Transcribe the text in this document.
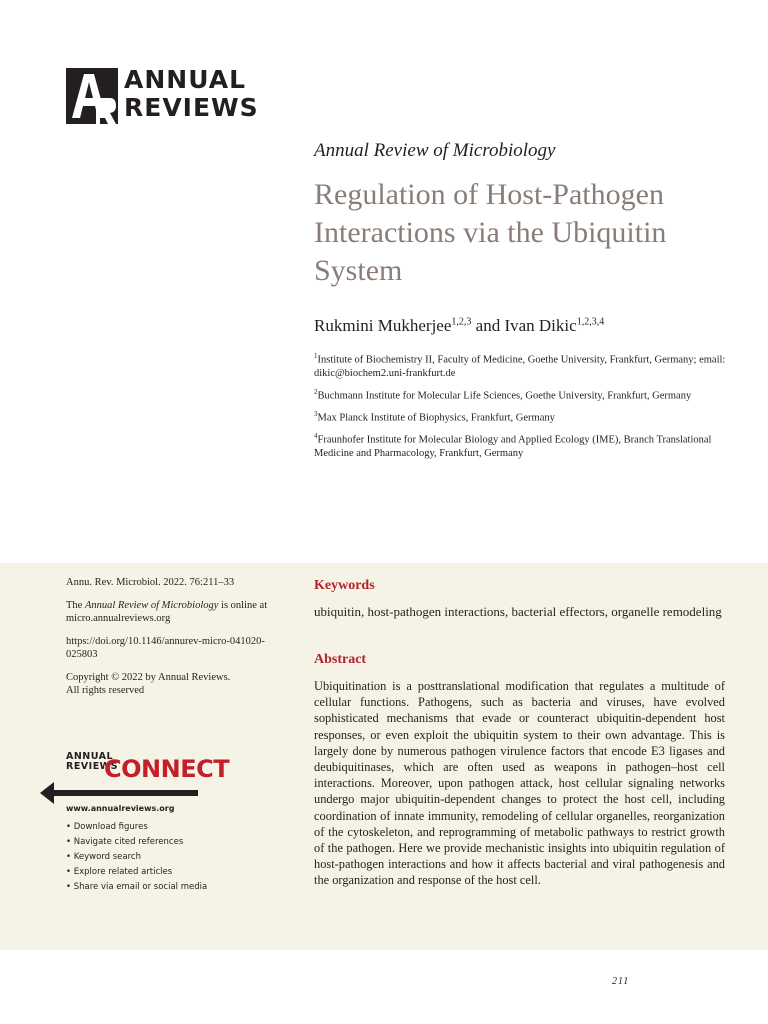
ANNUAL
REVIEWS
Annual Review of Microbiology
Regulation of Host-Pathogen Interactions via the Ubiquitin System
Rukmini Mukherjee$^{1,2,3}$ and Ivan Dikic$^{1,2,3,4}$

$^1$Institute of Biochemistry II, Faculty of Medicine, Goethe University, Frankfurt, Germany; email: dikic@biochem2.uni-frankfurt.de

$^2$Buchmann Institute for Molecular Life Sciences, Goethe University, Frankfurt, Germany

$^3$Max Planck Institute of Biophysics, Frankfurt, Germany

$^4$Fraunhofer Institute for Molecular Biology and Applied Ecology (IME), Branch Translational Medicine and Pharmacology, Frankfurt, Germany

Annu. Rev. Microbiol. 2022. 76:211–33

The Annual Review of Microbiology is online at micro.annualreviews.org

https://doi.org/10.1146/annurev-micro-041020-025803

Copyright © 2022 by Annual Reviews.
All rights reserved

ANNUAL
REVIEWS
CONNECT
www.annualreviews.org
• Download figures
• Navigate cited references
• Keyword search
• Explore related articles
• Share via email or social media
Keywords

ubiquitin, host-pathogen interactions, bacterial effectors, organelle remodeling

Abstract

Ubiquitination is a posttranslational modification that regulates a multitude of cellular functions. Pathogens, such as bacteria and viruses, have evolved sophisticated mechanisms that evade or counteract ubiquitin-dependent host responses, or even exploit the ubiquitin system to their own advantage. This is largely done by numerous pathogen virulence factors that encode E3 ligases and deubiquitinases, which are often used as weapons in pathogen–host cell interactions. Moreover, upon pathogen attack, host cellular signaling networks undergo major ubiquitin-dependent changes to protect the host cell, including coordination of innate immunity, remodeling of cellular organelles, reorganization of the cytoskeleton, and reprogramming of metabolic pathways to restrict growth of the pathogen. Here we provide mechanistic insights into ubiquitin regulation of host-pathogen interactions and how it affects bacterial and viral pathogenesis and the organization and response of the host cell.

211
